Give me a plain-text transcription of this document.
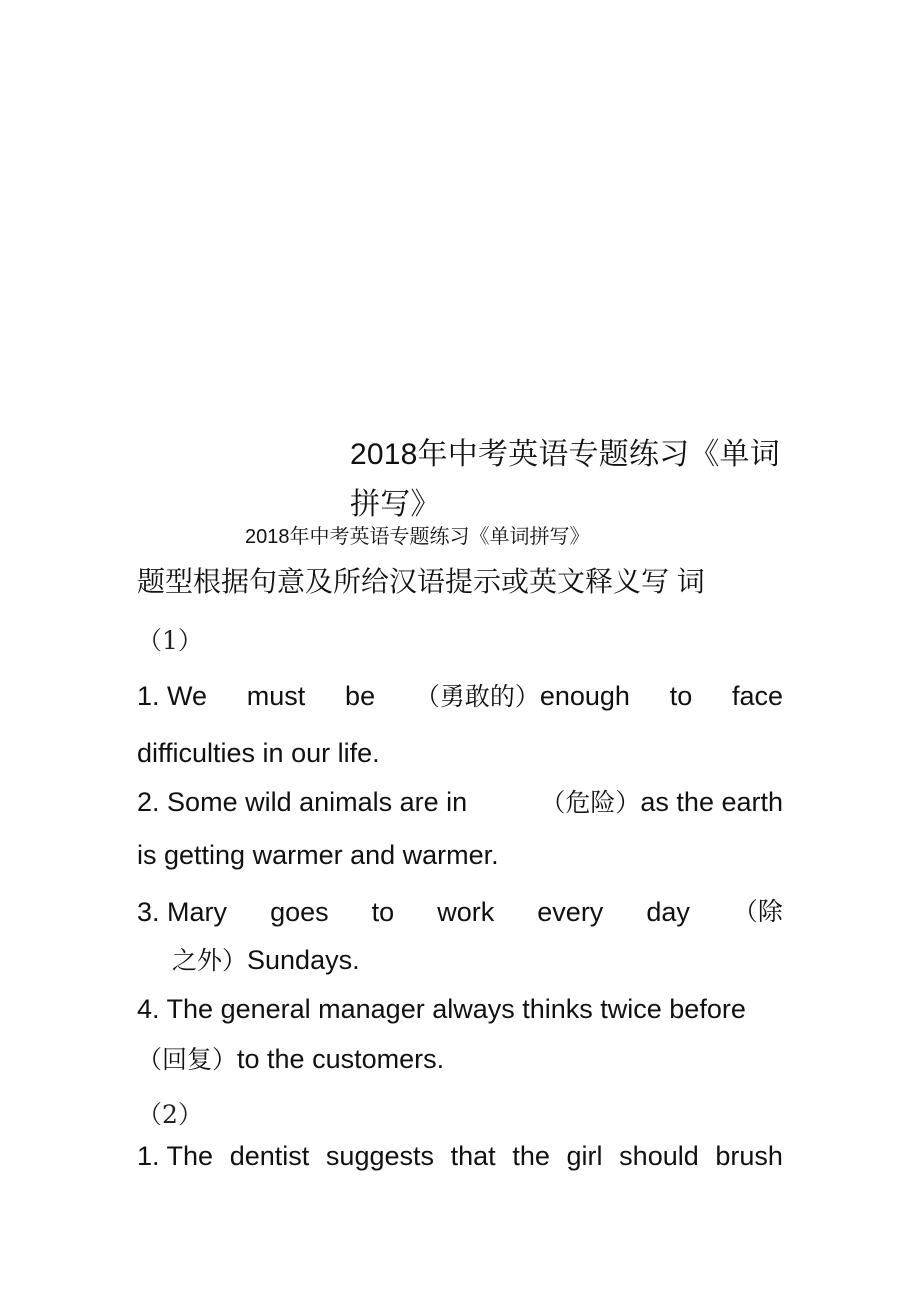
2018年中考英语专题练习《单词
拼写》
2018年中考英语专题练习《单词拼写》
题型根据句意及所给汉语提示或英文释义写 词
（1）
1. We must be （勇敢的）enough to face
difficulties in our life.
2. Some wild animals are in	（危险）as the earth
is getting warmer and warmer.
3. Mary goes to work every day （除
之外）Sundays.
4. The general manager always thinks twice before
（回复）to the customers.
（2）
1. The dentist suggests that the girl should brush
